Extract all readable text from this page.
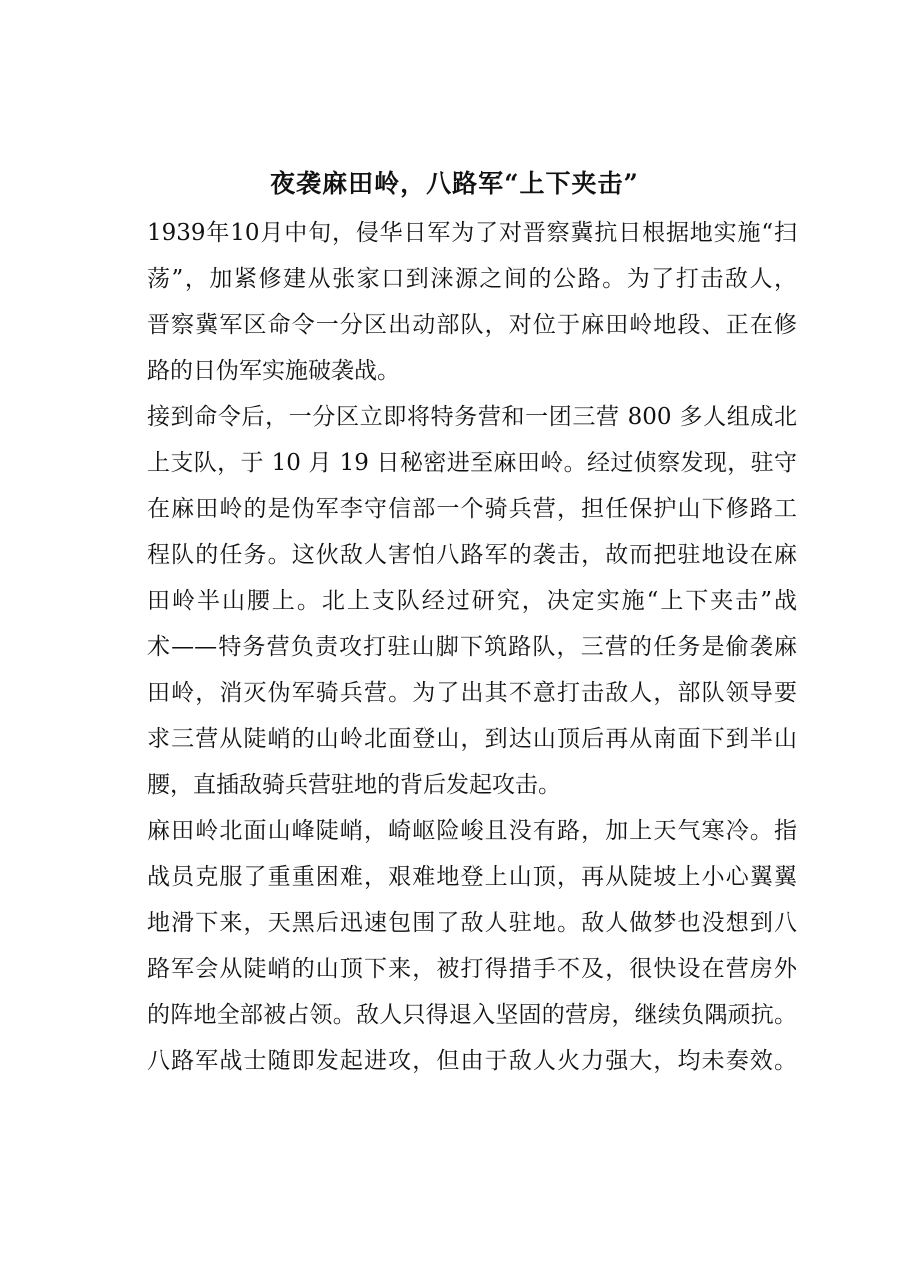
夜袭麻田岭，八路军“上下夹击”
1939年10月中旬，侵华日军为了对晋察冀抗日根据地实施“扫
荡”，加紧修建从张家口到涞源之间的公路。为了打击敌人，
晋察冀军区命令一分区出动部队，对位于麻田岭地段、正在修
路的日伪军实施破袭战。
接到命令后，一分区立即将特务营和一团三营 800 多人组成北
上支队，于 10 月 19 日秘密进至麻田岭。经过侦察发现，驻守
在麻田岭的是伪军李守信部一个骑兵营，担任保护山下修路工
程队的任务。这伙敌人害怕八路军的袭击，故而把驻地设在麻
田岭半山腰上。北上支队经过研究，决定实施“上下夹击”战
术——特务营负责攻打驻山脚下筑路队，三营的任务是偷袭麻
田岭，消灭伪军骑兵营。为了出其不意打击敌人，部队领导要
求三营从陡峭的山岭北面登山，到达山顶后再从南面下到半山
腰，直插敌骑兵营驻地的背后发起攻击。
麻田岭北面山峰陡峭，崎岖险峻且没有路，加上天气寒冷。指
战员克服了重重困难，艰难地登上山顶，再从陡坡上小心翼翼
地滑下来，天黑后迅速包围了敌人驻地。敌人做梦也没想到八
路军会从陡峭的山顶下来，被打得措手不及，很快设在营房外
的阵地全部被占领。敌人只得退入坚固的营房，继续负隅顽抗。
八路军战士随即发起进攻，但由于敌人火力强大，均未奏效。
